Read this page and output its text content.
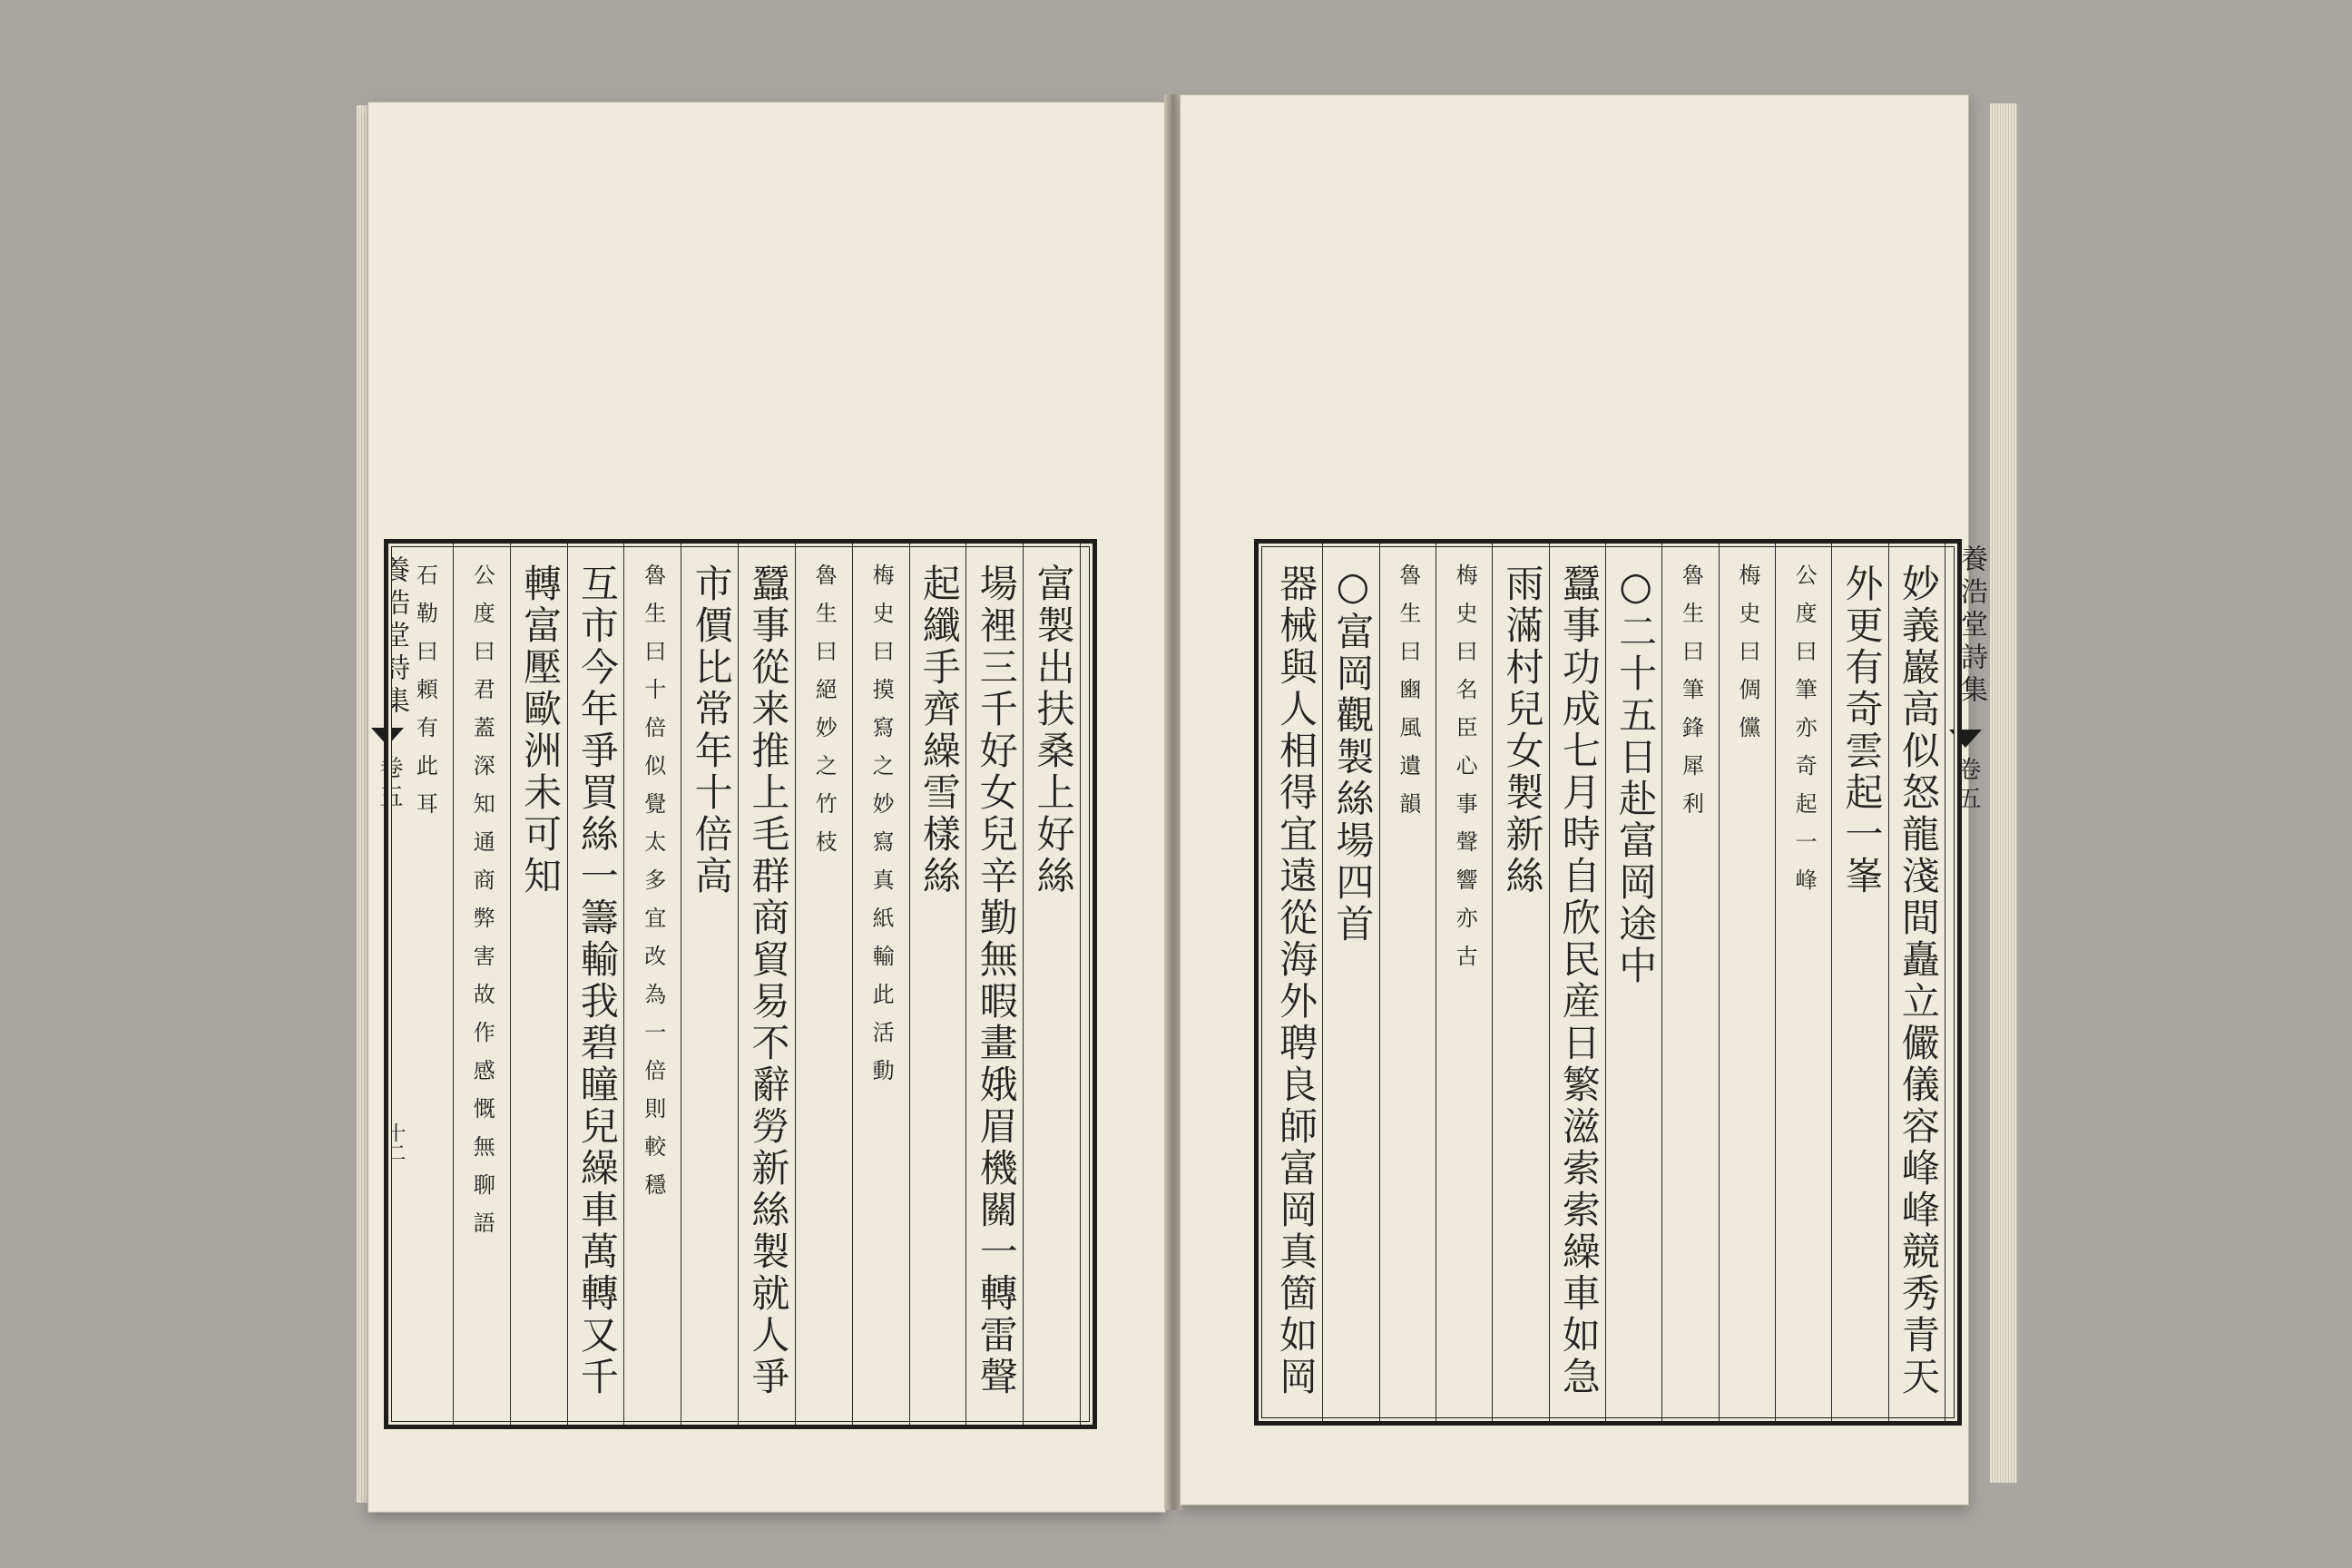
養浩堂詩集
卷五
十二
富製出扶桑上好絲
場裡三千好女兒辛勤無暇畫娥眉機關一轉雷聲
起纖手齊繰雪樣絲
梅史曰摸寫之妙寫真紙輸此活動
魯生曰絕妙之竹枝
蠶事從来推上毛群商貿易不辭勞新絲製就人爭
市價比常年十倍高
魯生曰十倍似覺太多宜改為一倍則較穩
互市今年爭買絲一籌輸我碧瞳兒繰車萬轉又千
轉富壓歐洲未可知
公度曰君蓋深知通商弊害故作感慨無聊語
石勒曰頼有此耳	養浩堂詩集
卷五
妙義巖高似怒龍淺間矗立儼儀容峰峰競秀青天
外更有奇雲起一峯
公度曰筆亦奇起一峰
梅史曰倜儻
魯生曰筆鋒犀利
○二十五日赴富岡途中
蠶事功成七月時自欣民産日繁滋索索繰車如急
雨滿村兒女製新絲
梅史曰名臣心事聲響亦古
魯生曰豳風遺韻
○富岡觀製絲場四首
器械與人相得宜遠從海外聘良師富岡真箇如岡
